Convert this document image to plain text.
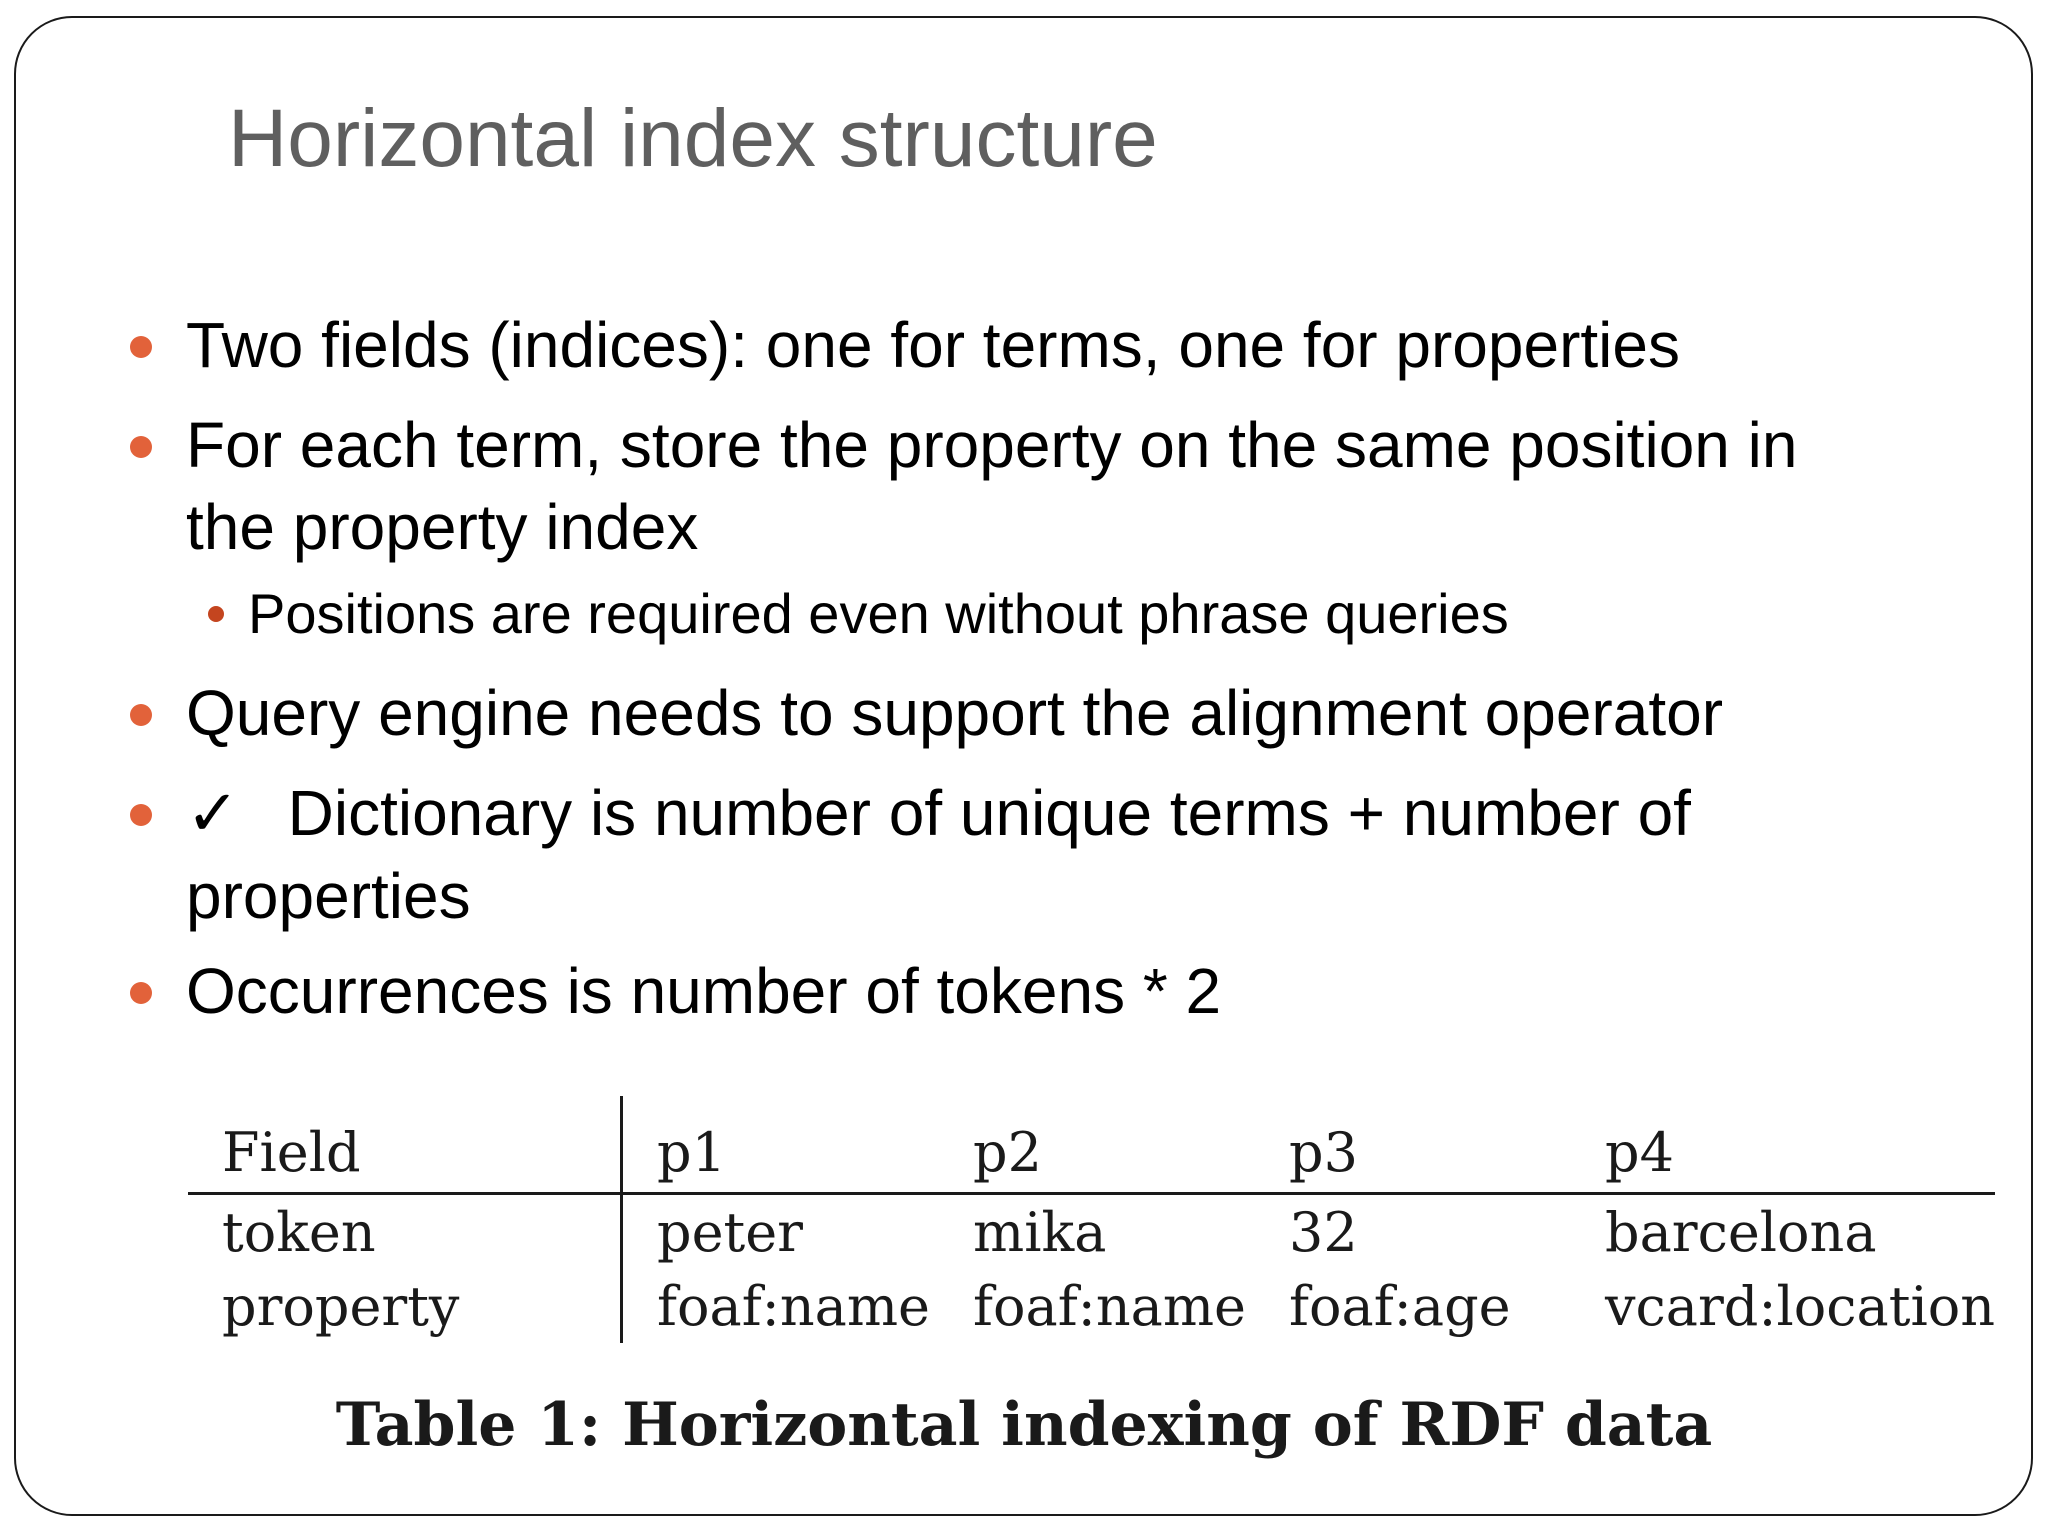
Horizontal index structure
Two fields (indices): one for terms, one for properties
For each term, store the property on the same position in
the property index
Positions are required even without phrase queries
Query engine needs to support the alignment operator
✓ Dictionary is number of unique terms + number of
properties
Occurrences is number of tokens * 2
Field	p1	p2	p3	p4
token	peter	mika	32	barcelona
property	foaf:name	foaf:name	foaf:age	vcard:location
Table 1: Horizontal indexing of RDF data
